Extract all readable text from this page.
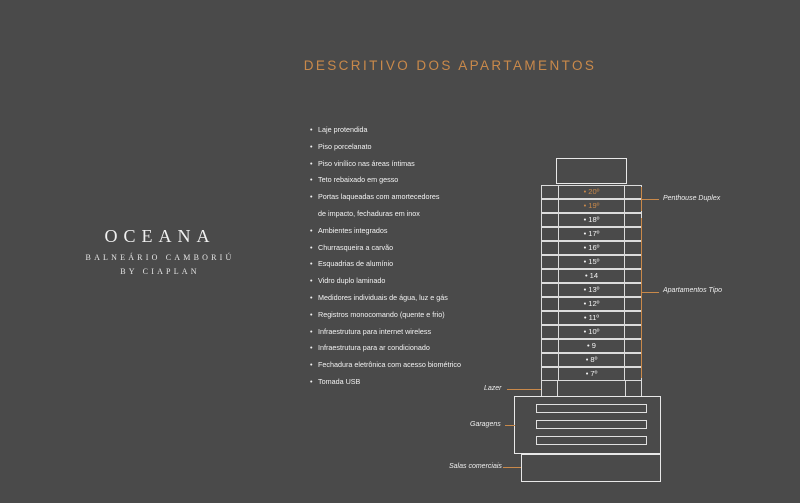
DESCRITIVO DOS APARTAMENTOS
OCEANA
BALNEÁRIO CAMBORIÚ
BY CIAPLAN
• Laje protendida
• Piso porcelanato
• Piso vinílico nas áreas íntimas
• Teto rebaixado em gesso
• Portas laqueadas com amortecedores
de impacto, fechaduras em inox
• Ambientes integrados
• Churrasqueira a carvão
• Esquadrias de alumínio
• Vidro duplo laminado
• Medidores individuais de água, luz e gás
• Registros monocomando (quente e frio)
• Infraestrutura para internet wireless
• Infraestrutura para ar condicionado
• Fechadura eletrônica com acesso biométrico
• Tomada USB
• 20º
• 19º
• 18º
• 17º
• 16º
• 15º
• 14
• 13º
• 12º
• 11º
• 10º
• 9
• 8º
• 7º
Penthouse Duplex
Apartamentos Tipo
Lazer
Garagens
Salas comerciais
